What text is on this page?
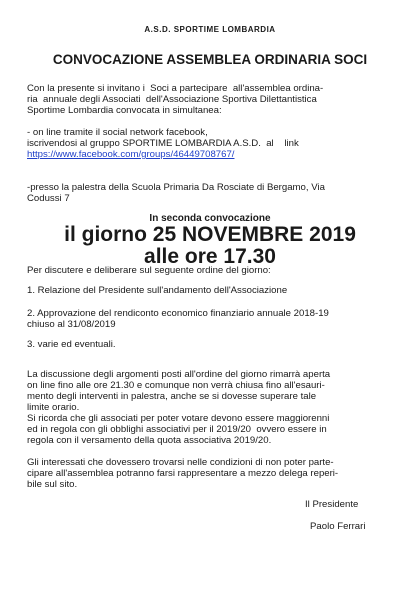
A.S.D. SPORTIME LOMBARDIA

CONVOCAZIONE ASSEMBLEA ORDINARIA SOCI

Con la presente si invitano i  Soci a partecipare  all'assemblea ordina-

ria  annuale degli Associati  dell'Associazione Sportiva Dilettantistica

Sportime Lombardia convocata in simultanea:

- on line tramite il social network facebook,

iscrivendosi al gruppo SPORTIME LOMBARDIA A.S.D.  al    link

https://www.facebook.com/groups/46449708767/

-presso la palestra della Scuola Primaria Da Rosciate di Bergamo, Via

Codussi 7

In seconda convocazione

il giorno 25 NOVEMBRE 2019

alle ore 17.30

Per discutere e deliberare sul seguente ordine del giorno:

1. Relazione del Presidente sull'andamento dell'Associazione

2. Approvazione del rendiconto economico finanziario annuale 2018-19

chiuso al 31/08/2019

3. varie ed eventuali.

La discussione degli argomenti posti all'ordine del giorno rimarrà aperta

on line fino alle ore 21.30 e comunque non verrà chiusa fino all'esauri-

mento degli interventi in palestra, anche se si dovesse superare tale

limite orario.

Si ricorda che gli associati per poter votare devono essere maggiorenni

ed in regola con gli obblighi associativi per il 2019/20  ovvero essere in

regola con il versamento della quota associativa 2019/20.

Gli interessati che dovessero trovarsi nelle condizioni di non poter parte-

cipare all'assemblea potranno farsi rappresentare a mezzo delega reperi-

bile sul sito.

Il Presidente

Paolo Ferrari
